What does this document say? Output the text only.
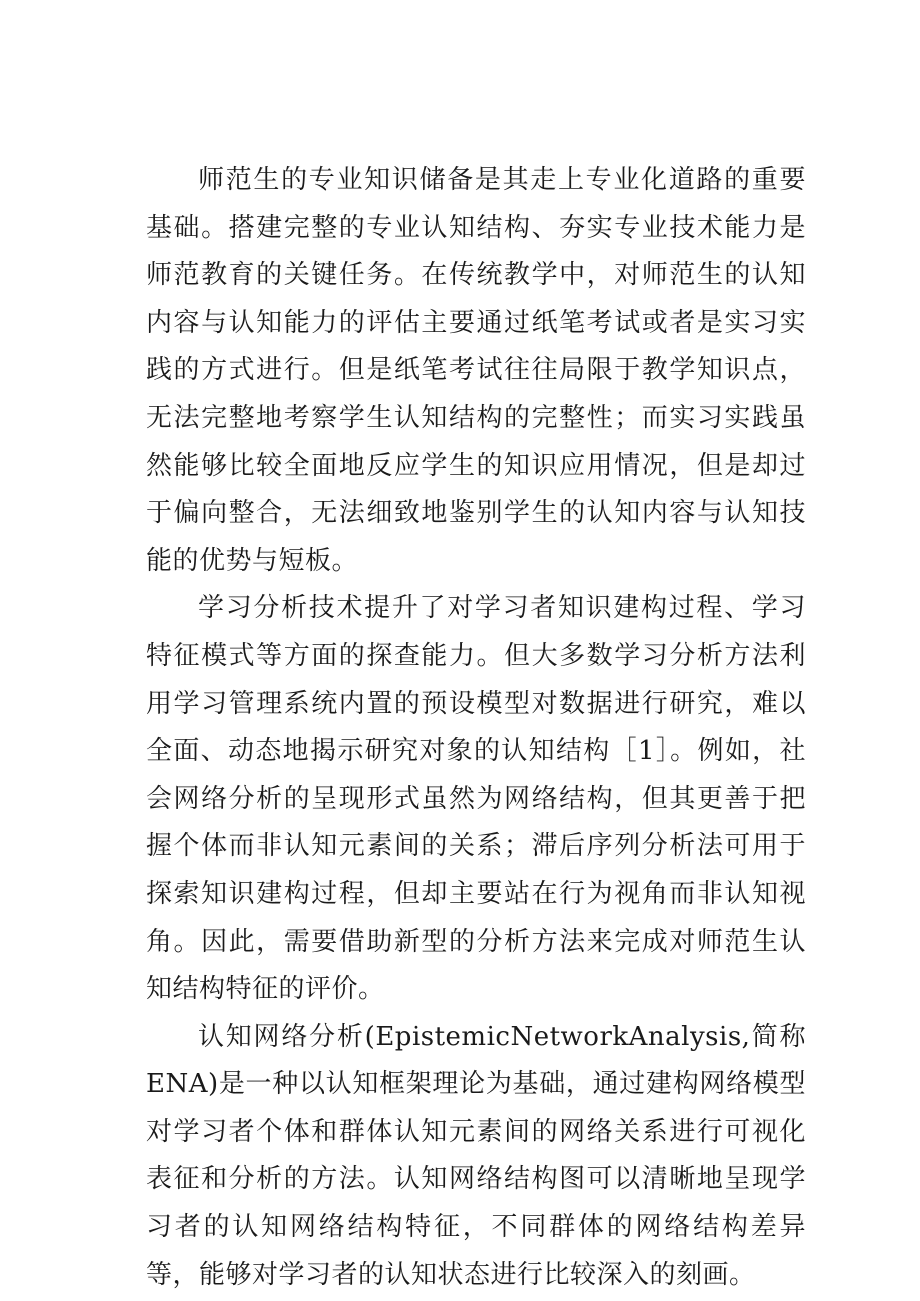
师范生的专业知识储备是其走上专业化道路的重要基础。搭建完整的专业认知结构、夯实专业技术能力是师范教育的关键任务。在传统教学中，对师范生的认知内容与认知能力的评估主要通过纸笔考试或者是实习实践的方式进行。但是纸笔考试往往局限于教学知识点，无法完整地考察学生认知结构的完整性；而实习实践虽然能够比较全面地反应学生的知识应用情况，但是却过于偏向整合，无法细致地鉴别学生的认知内容与认知技能的优势与短板。

学习分析技术提升了对学习者知识建构过程、学习特征模式等方面的探查能力。但大多数学习分析方法利用学习管理系统内置的预设模型对数据进行研究，难以全面、动态地揭示研究对象的认知结构［1］。例如，社会网络分析的呈现形式虽然为网络结构，但其更善于把握个体而非认知元素间的关系；滞后序列分析法可用于探索知识建构过程，但却主要站在行为视角而非认知视角。因此，需要借助新型的分析方法来完成对师范生认知结构特征的评价。

认知网络分析(EpistemicNetworkAnalysis,简称ENA)是一种以认知框架理论为基础，通过建构网络模型对学习者个体和群体认知元素间的网络关系进行可视化表征和分析的方法。认知网络结构图可以清晰地呈现学习者的认知网络结构特征，不同群体的网络结构差异等，能够对学习者的认知状态进行比较深入的刻画。
